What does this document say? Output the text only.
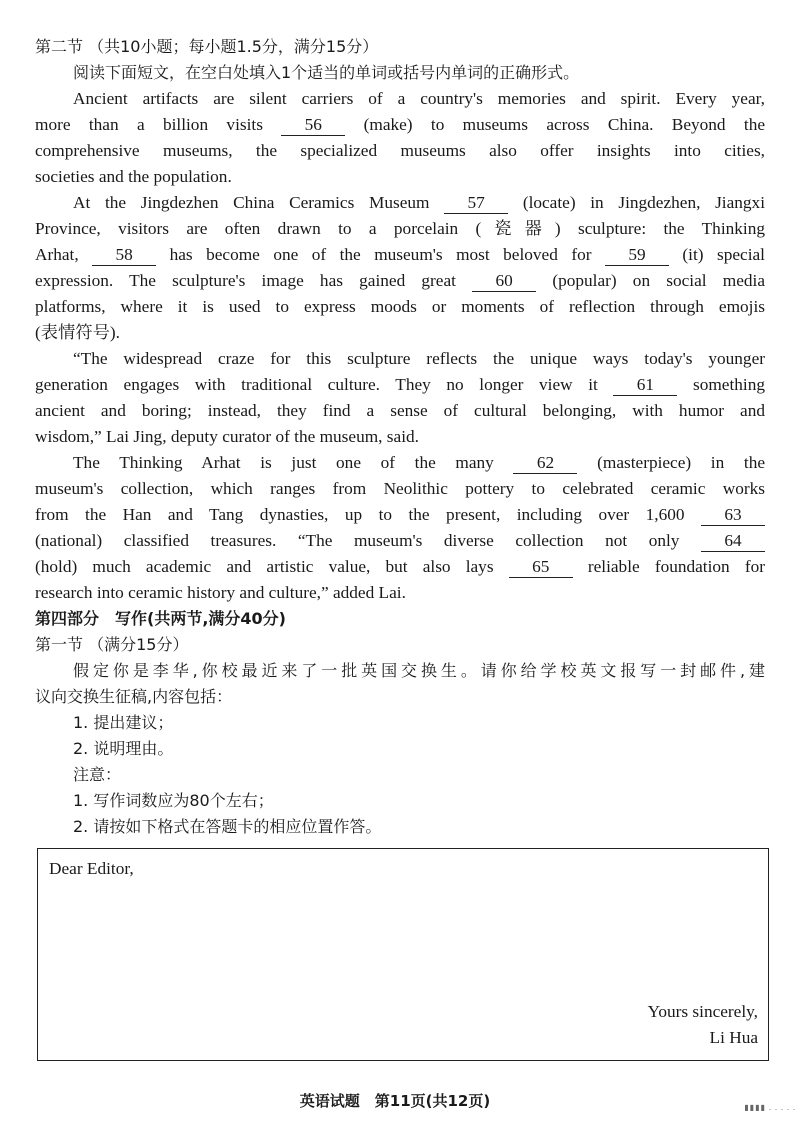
第二节 （共10小题；每小题1.5分，满分15分）
阅读下面短文，在空白处填入1个适当的单词或括号内单词的正确形式。
Ancient artifacts are silent carriers of a country's memories and spirit. Every year,
more than a billion visits 56 (make) to museums across China. Beyond the
comprehensive museums, the specialized museums also offer insights into cities,
societies and the population.
At the Jingdezhen China Ceramics Museum 57 (locate) in Jingdezhen, Jiangxi
Province, visitors are often drawn to a porcelain (瓷器) sculpture: the Thinking
Arhat, 58 has become one of the museum's most beloved for 59 (it) special
expression. The sculpture's image has gained great 60 (popular) on social media
platforms, where it is used to express moods or moments of reflection through emojis
(表情符号).
“The widespread craze for this sculpture reflects the unique ways today's younger
generation engages with traditional culture. They no longer view it 61 something
ancient and boring; instead, they find a sense of cultural belonging, with humor and
wisdom,” Lai Jing, deputy curator of the museum, said.
The Thinking Arhat is just one of the many 62 (masterpiece) in the
museum's collection, which ranges from Neolithic pottery to celebrated ceramic works
from the Han and Tang dynasties, up to the present, including over 1,600 63
(national) classified treasures. “The museum's diverse collection not only 64
(hold) much academic and artistic value, but also lays 65 reliable foundation for
research into ceramic history and culture,” added Lai.
第四部分　写作(共两节,满分40分)
第一节 （满分15分）
假定你是李华,你校最近来了一批英国交换生。请你给学校英文报写一封邮件,建
议向交换生征稿,内容包括：
1. 提出建议；
2. 说明理由。
注意：
1. 写作词数应为80个左右；
2. 请按如下格式在答题卡的相应位置作答。
Dear Editor,
Yours sincerely,
Li Hua
英语试题　第11页(共12页)	▮▮▮▮ . . . . .
